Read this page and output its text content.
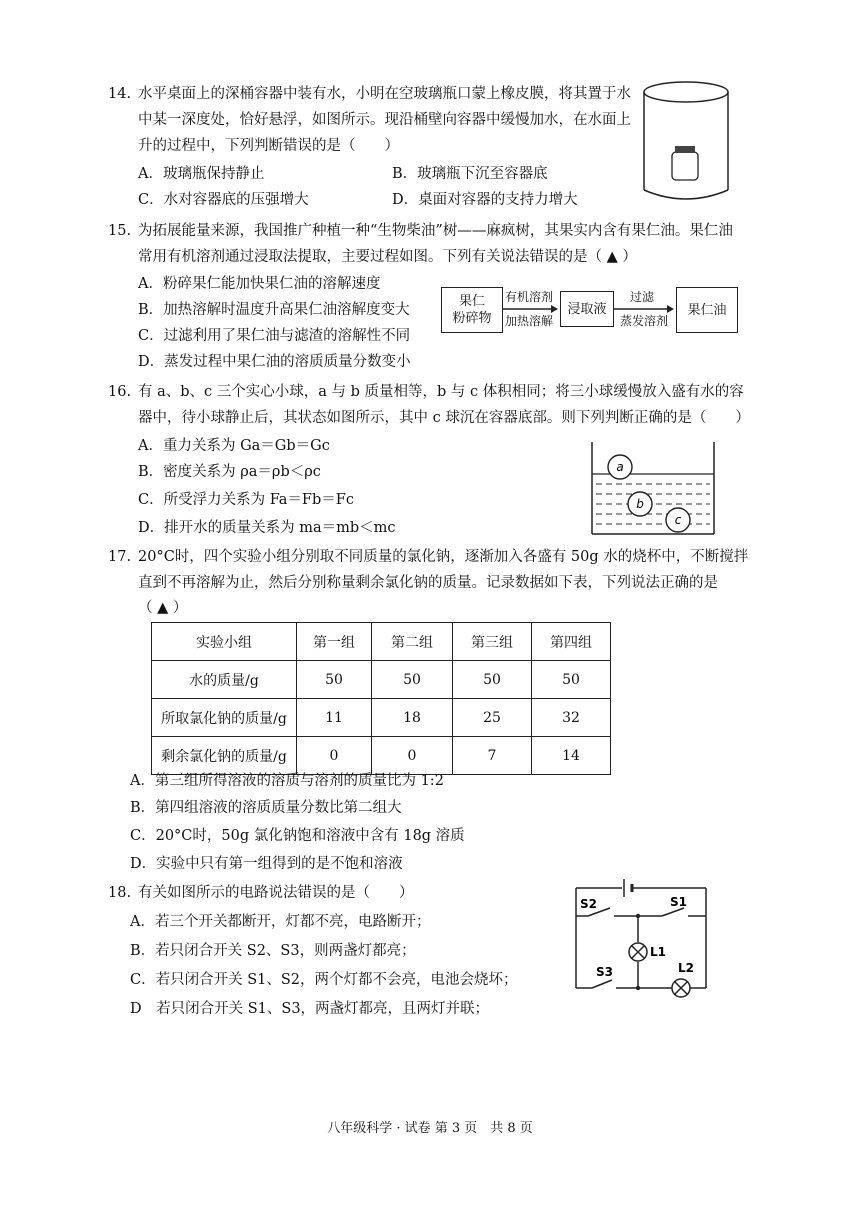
14. 水平桌面上的深桶容器中装有水，小明在空玻璃瓶口蒙上橡皮膜，将其置于水
中某一深度处，恰好悬浮，如图所示。现沿桶壁向容器中缓慢加水，在水面上
升的过程中，下列判断错误的是（　　）
A．玻璃瓶保持静止	B．玻璃瓶下沉至容器底
C．水对容器底的压强增大	D．桌面对容器的支持力增大
15. 为拓展能量来源，我国推广种植一种“生物柴油”树——麻疯树，其果实内含有果仁油。果仁油
常用有机溶剂通过浸取法提取，主要过程如图。下列有关说法错误的是（ ▲ ）
A．粉碎果仁能加快果仁油的溶解速度
B．加热溶解时温度升高果仁油溶解度变大
C．过滤利用了果仁油与滤渣的溶解性不同
D．蒸发过程中果仁油的溶质质量分数变小
果仁
粉碎物
有机溶剂
加热溶解
浸取液
过滤
蒸发溶剂
果仁油
16. 有 a、b、c 三个实心小球，a 与 b 质量相等，b 与 c 体积相同；将三小球缓慢放入盛有水的容
器中，待小球静止后，其状态如图所示，其中 c 球沉在容器底部。则下列判断正确的是（　　）
A．重力关系为 Ga＝Gb＝Gc
B．密度关系为 ρa＝ρb＜ρc
C．所受浮力关系为 Fa＝Fb＝Fc
D．排开水的质量关系为 ma＝mb＜mc
a
b
c
17. 20°C时，四个实验小组分别取不同质量的氯化钠，逐渐加入各盛有 50g 水的烧杯中，不断搅拌
直到不再溶解为止，然后分别称量剩余氯化钠的质量。记录数据如下表，下列说法正确的是
（ ▲ ）
实验小组	第一组	第二组	第三组	第四组
水的质量/g	50	50	50	50
所取氯化钠的质量/g	11	18	25	32
剩余氯化钠的质量/g	0	0	7	14
A．第三组所得溶液的溶质与溶剂的质量比为 1:2
B．第四组溶液的溶质质量分数比第二组大
C．20°C时，50g 氯化钠饱和溶液中含有 18g 溶质
D．实验中只有第一组得到的是不饱和溶液
18. 有关如图所示的电路说法错误的是（　　）
A．若三个开关都断开，灯都不亮，电路断开；
B．若只闭合开关 S2、S3，则两盏灯都亮；
C．若只闭合开关 S1、S2，两个灯都不会亮，电池会烧坏；
D　若只闭合开关 S1、S3，两盏灯都亮，且两灯并联；
S2	S1
L1
S3	L2
八年级科学 · 试卷 第 3 页　共 8 页
